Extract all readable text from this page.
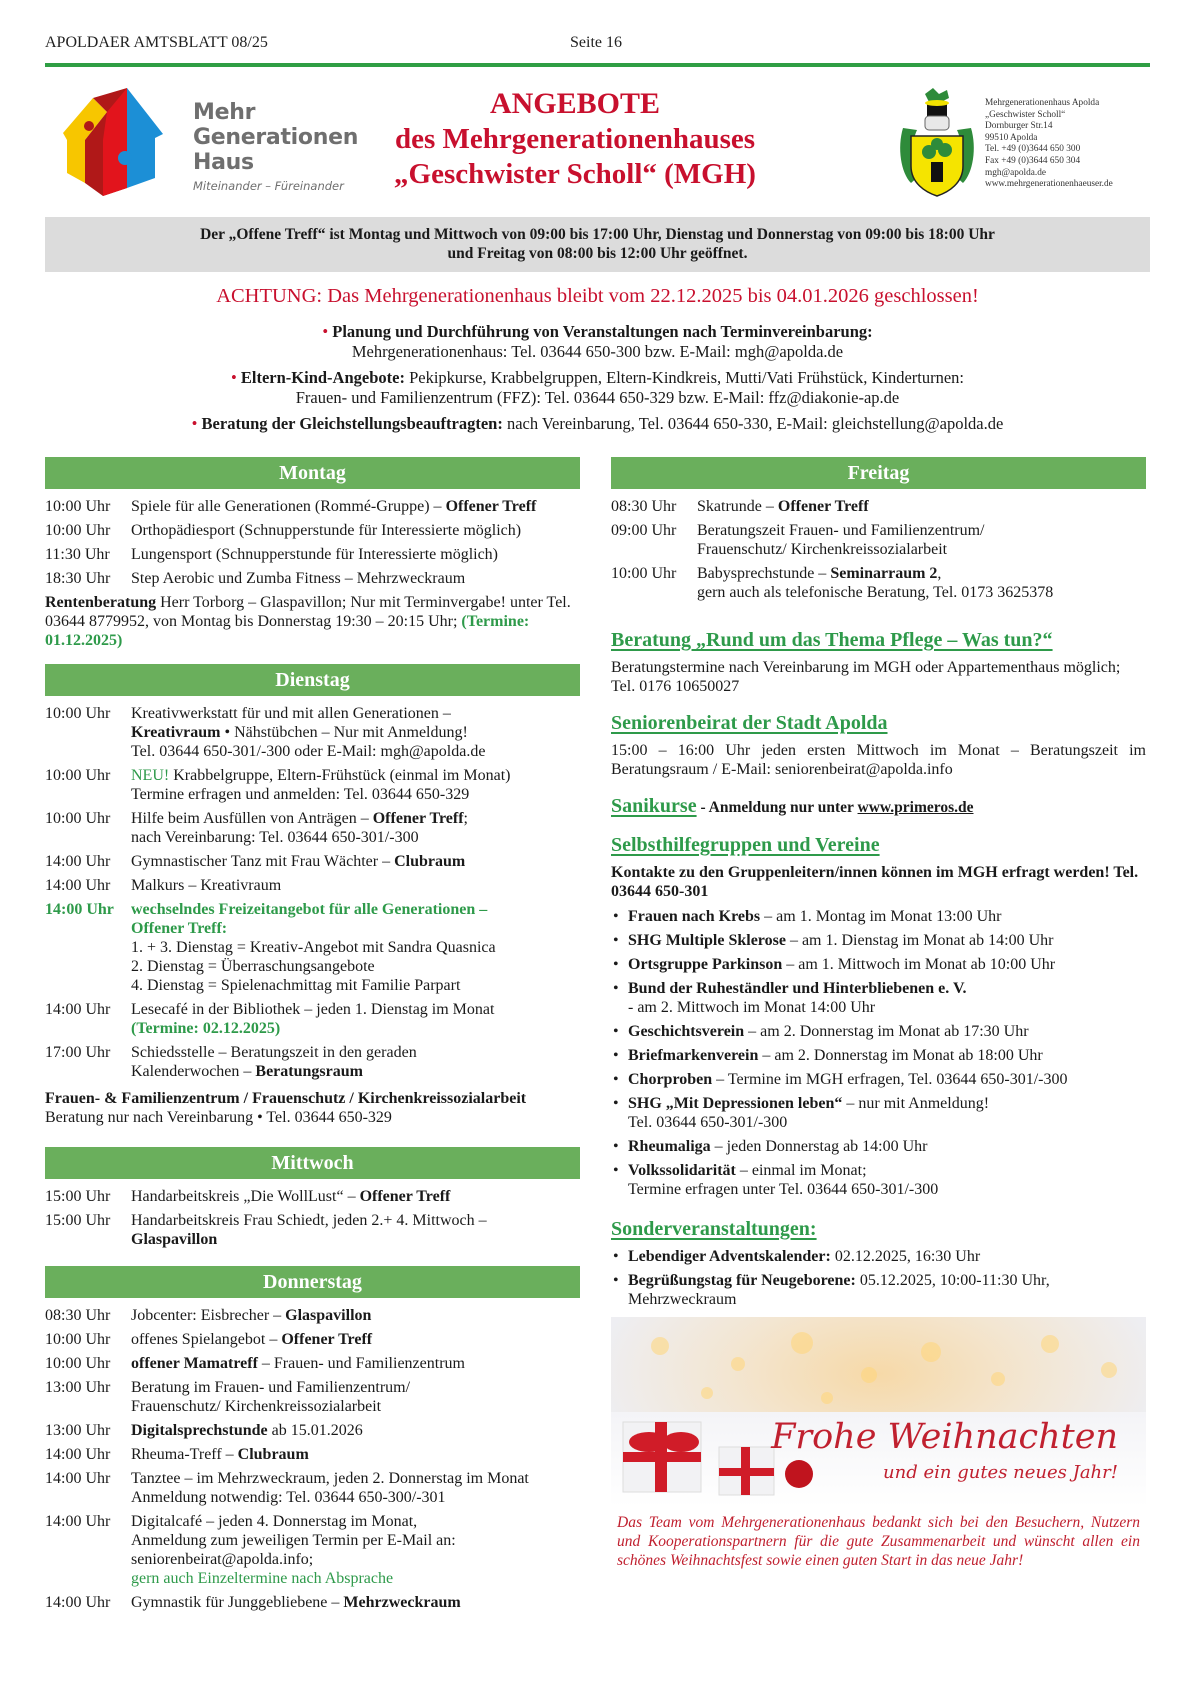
APOLDAER AMTSBLATT 08/25	Seite 16
Mehr
Generationen
Haus
Miteinander – Füreinander
ANGEBOTE
des Mehrgenerationenhauses
„Geschwister Scholl“ (MGH)
Mehrgenerationenhaus Apolda
„Geschwister Scholl“
Dornburger Str.14
99510 Apolda
Tel. +49 (0)3644 650 300
Fax +49 (0)3644 650 304
mgh@apolda.de
www.mehrgenerationenhaeuser.de
Der „Offene Treff“ ist Montag und Mittwoch von 09:00 bis 17:00 Uhr, Dienstag und Donnerstag von 09:00 bis 18:00 Uhr
und Freitag von 08:00 bis 12:00 Uhr geöffnet.
ACHTUNG: Das Mehrgenerationenhaus bleibt vom 22.12.2025 bis 04.01.2026 geschlossen!
• Planung und Durchführung von Veranstaltungen nach Terminvereinbarung:
Mehrgenerationenhaus: Tel. 03644 650-300 bzw. E-Mail: mgh@apolda.de
• Eltern-Kind-Angebote: Pekipkurse, Krabbelgruppen, Eltern-Kindkreis, Mutti/Vati Frühstück, Kinderturnen:
Frauen- und Familienzentrum (FFZ): Tel. 03644 650-329 bzw. E-Mail: ffz@diakonie-ap.de
• Beratung der Gleichstellungsbeauftragten: nach Vereinbarung, Tel. 03644 650-330, E-Mail: gleichstellung@apolda.de
Montag
10:00 Uhr	Spiele für alle Generationen (Rommé-Gruppe) – Offener Treff
10:00 Uhr	Orthopädiesport (Schnupperstunde für Interessierte möglich)
11:30 Uhr	Lungensport (Schnupperstunde für Interessierte möglich)
18:30 Uhr	Step Aerobic und Zumba Fitness – Mehrzweckraum
Rentenberatung Herr Torborg – Glaspavillon; Nur mit Terminvergabe! unter Tel. 03644 8779952, von Montag bis Donnerstag 19:30 – 20:15 Uhr; (Termine: 01.12.2025)
Dienstag
10:00 Uhr	Kreativwerkstatt für und mit allen Generationen –
Kreativraum • Nähstübchen – Nur mit Anmeldung!
Tel. 03644 650-301/-300 oder E-Mail: mgh@apolda.de
10:00 Uhr	NEU! Krabbelgruppe, Eltern-Frühstück (einmal im Monat)
Termine erfragen und anmelden: Tel. 03644 650-329
10:00 Uhr	Hilfe beim Ausfüllen von Anträgen – Offener Treff;
nach Vereinbarung: Tel. 03644 650-301/-300
14:00 Uhr	Gymnastischer Tanz mit Frau Wächter – Clubraum
14:00 Uhr	Malkurs – Kreativraum
14:00 Uhr	wechselndes Freizeitangebot für alle Generationen –
Offener Treff:
1. + 3. Dienstag = Kreativ-Angebot mit Sandra Quasnica
2. Dienstag = Überraschungsangebote
4. Dienstag = Spielenachmittag mit Familie Parpart
14:00 Uhr	Lesecafé in der Bibliothek – jeden 1. Dienstag im Monat
(Termine: 02.12.2025)
17:00 Uhr	Schiedsstelle – Beratungszeit in den geraden
Kalenderwochen – Beratungsraum
Frauen- & Familienzentrum / Frauenschutz / Kirchenkreissozialarbeit
Beratung nur nach Vereinbarung • Tel. 03644 650-329
Mittwoch
15:00 Uhr	Handarbeitskreis „Die WollLust“ – Offener Treff
15:00 Uhr	Handarbeitskreis Frau Schiedt, jeden 2.+ 4. Mittwoch –
Glaspavillon
Donnerstag
08:30 Uhr	Jobcenter: Eisbrecher – Glaspavillon
10:00 Uhr	offenes Spielangebot – Offener Treff
10:00 Uhr	offener Mamatreff – Frauen- und Familienzentrum
13:00 Uhr	Beratung im Frauen- und Familienzentrum/
Frauenschutz/ Kirchenkreissozialarbeit
13:00 Uhr	Digitalsprechstunde ab 15.01.2026
14:00 Uhr	Rheuma-Treff – Clubraum
14:00 Uhr	Tanztee – im Mehrzweckraum, jeden 2. Donnerstag im Monat
Anmeldung notwendig: Tel. 03644 650-300/-301
14:00 Uhr	Digitalcafé – jeden 4. Donnerstag im Monat,
Anmeldung zum jeweiligen Termin per E-Mail an:
seniorenbeirat@apolda.info;
gern auch Einzeltermine nach Absprache
14:00 Uhr	Gymnastik für Junggebliebene – Mehrzweckraum
Freitag
08:30 Uhr	Skatrunde – Offener Treff
09:00 Uhr	Beratungszeit Frauen- und Familienzentrum/
Frauenschutz/ Kirchenkreissozialarbeit
10:00 Uhr	Babysprechstunde – Seminarraum 2,
gern auch als telefonische Beratung, Tel. 0173 3625378
Beratung „Rund um das Thema Pflege – Was tun?“
Beratungstermine nach Vereinbarung im MGH oder Appartementhaus möglich; Tel. 0176 10650027
Seniorenbeirat der Stadt Apolda
15:00 – 16:00 Uhr jeden ersten Mittwoch im Monat – Beratungszeit im Beratungsraum / E-Mail: seniorenbeirat@apolda.info
Sanikurse - Anmeldung nur unter www.primeros.de
Selbsthilfegruppen und Vereine
Kontakte zu den Gruppenleitern/innen können im MGH erfragt werden! Tel. 03644 650-301
• Frauen nach Krebs – am 1. Montag im Monat 13:00 Uhr
• SHG Multiple Sklerose – am 1. Dienstag im Monat ab 14:00 Uhr
• Ortsgruppe Parkinson – am 1. Mittwoch im Monat ab 10:00 Uhr
• Bund der Ruheständler und Hinterbliebenen e. V.
- am 2. Mittwoch im Monat 14:00 Uhr
• Geschichtsverein – am 2. Donnerstag im Monat ab 17:30 Uhr
• Briefmarkenverein – am 2. Donnerstag im Monat ab 18:00 Uhr
• Chorproben – Termine im MGH erfragen, Tel. 03644 650-301/-300
• SHG „Mit Depressionen leben“ – nur mit Anmeldung!
Tel. 03644 650-301/-300
• Rheumaliga – jeden Donnerstag ab 14:00 Uhr
• Volkssolidarität – einmal im Monat;
Termine erfragen unter Tel. 03644 650-301/-300
Sonderveranstaltungen:
• Lebendiger Adventskalender: 02.12.2025, 16:30 Uhr
• Begrüßungstag für Neugeborene: 05.12.2025, 10:00-11:30 Uhr,
Mehrzweckraum
Frohe Weihnachten
und ein gutes neues Jahr!
Das Team vom Mehrgenerationenhaus bedankt sich bei den Besuchern, Nutzern und Kooperationspartnern für die gute Zusammenarbeit und wünscht allen ein schönes Weihnachtsfest sowie einen guten Start in das neue Jahr!
